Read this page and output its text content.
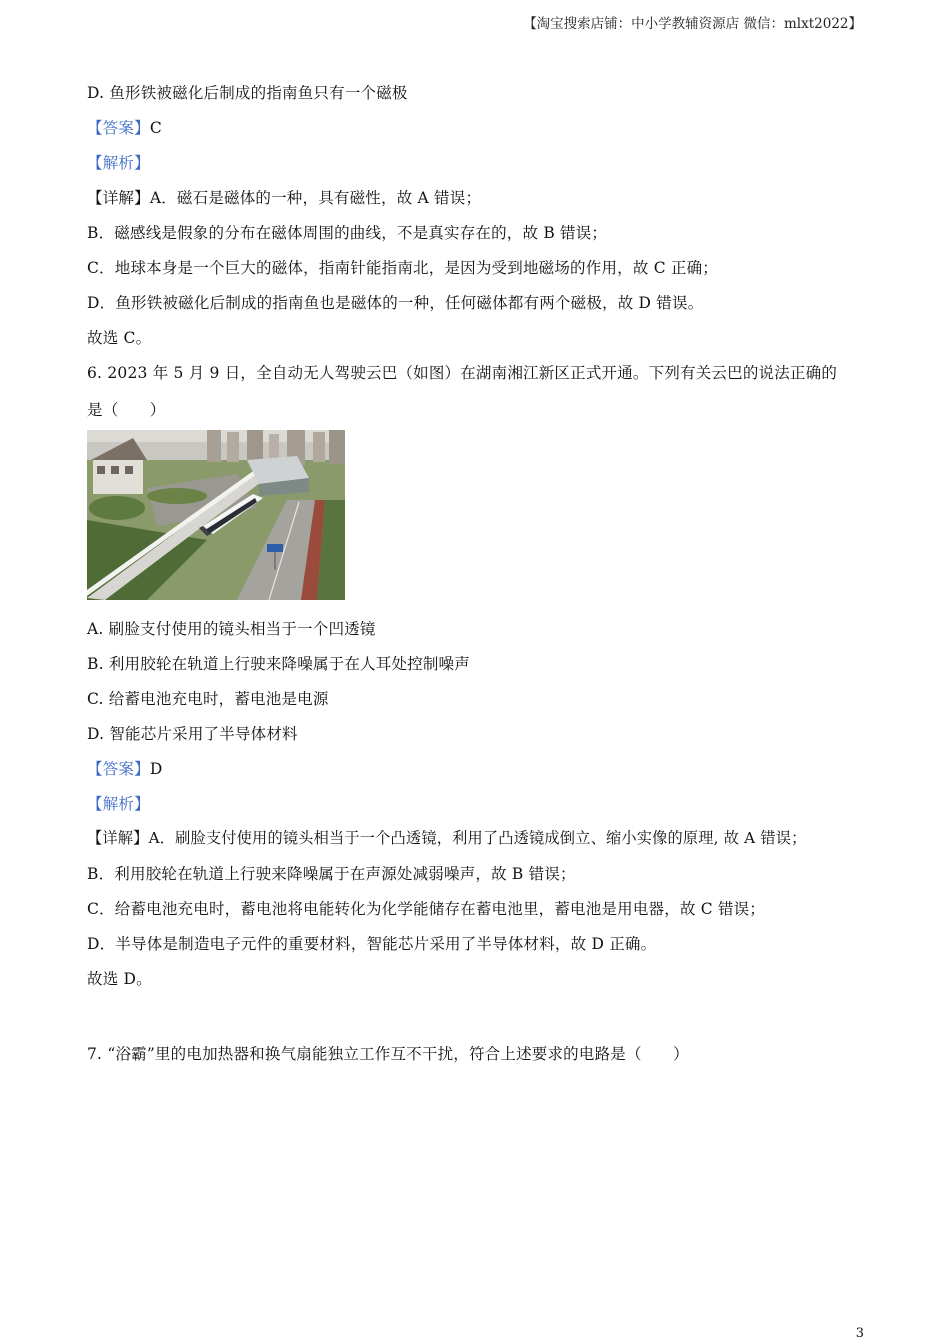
【淘宝搜索店铺：中小学教辅资源店 微信：mlxt2022】
D. 鱼形铁被磁化后制成的指南鱼只有一个磁极
【答案】C
【解析】
【详解】A．磁石是磁体的一种，具有磁性，故 A 错误；
B．磁感线是假象的分布在磁体周围的曲线，不是真实存在的，故 B 错误；
C．地球本身是一个巨大的磁体，指南针能指南北，是因为受到地磁场的作用，故 C 正确；
D．鱼形铁被磁化后制成的指南鱼也是磁体的一种，任何磁体都有两个磁极，故 D 错误。
故选 C。
6. 2023 年 5 月 9 日，全自动无人驾驶云巴（如图）在湖南湘江新区正式开通。下列有关云巴的说法正确的
是（　　）
A. 刷脸支付使用的镜头相当于一个凹透镜
B. 利用胶轮在轨道上行驶来降噪属于在人耳处控制噪声
C. 给蓄电池充电时，蓄电池是电源
D. 智能芯片采用了半导体材料
【答案】D
【解析】
【详解】A．刷脸支付使用的镜头相当于一个凸透镜，利用了凸透镜成倒立、缩小实像的原理, 故 A 错误；
B．利用胶轮在轨道上行驶来降噪属于在声源处减弱噪声，故 B 错误；
C．给蓄电池充电时，蓄电池将电能转化为化学能储存在蓄电池里，蓄电池是用电器，故 C 错误；
D．半导体是制造电子元件的重要材料，智能芯片采用了半导体材料，故 D 正确。
故选 D。
7. “浴霸”里的电加热器和换气扇能独立工作互不干扰，符合上述要求的电路是（　　）
3
